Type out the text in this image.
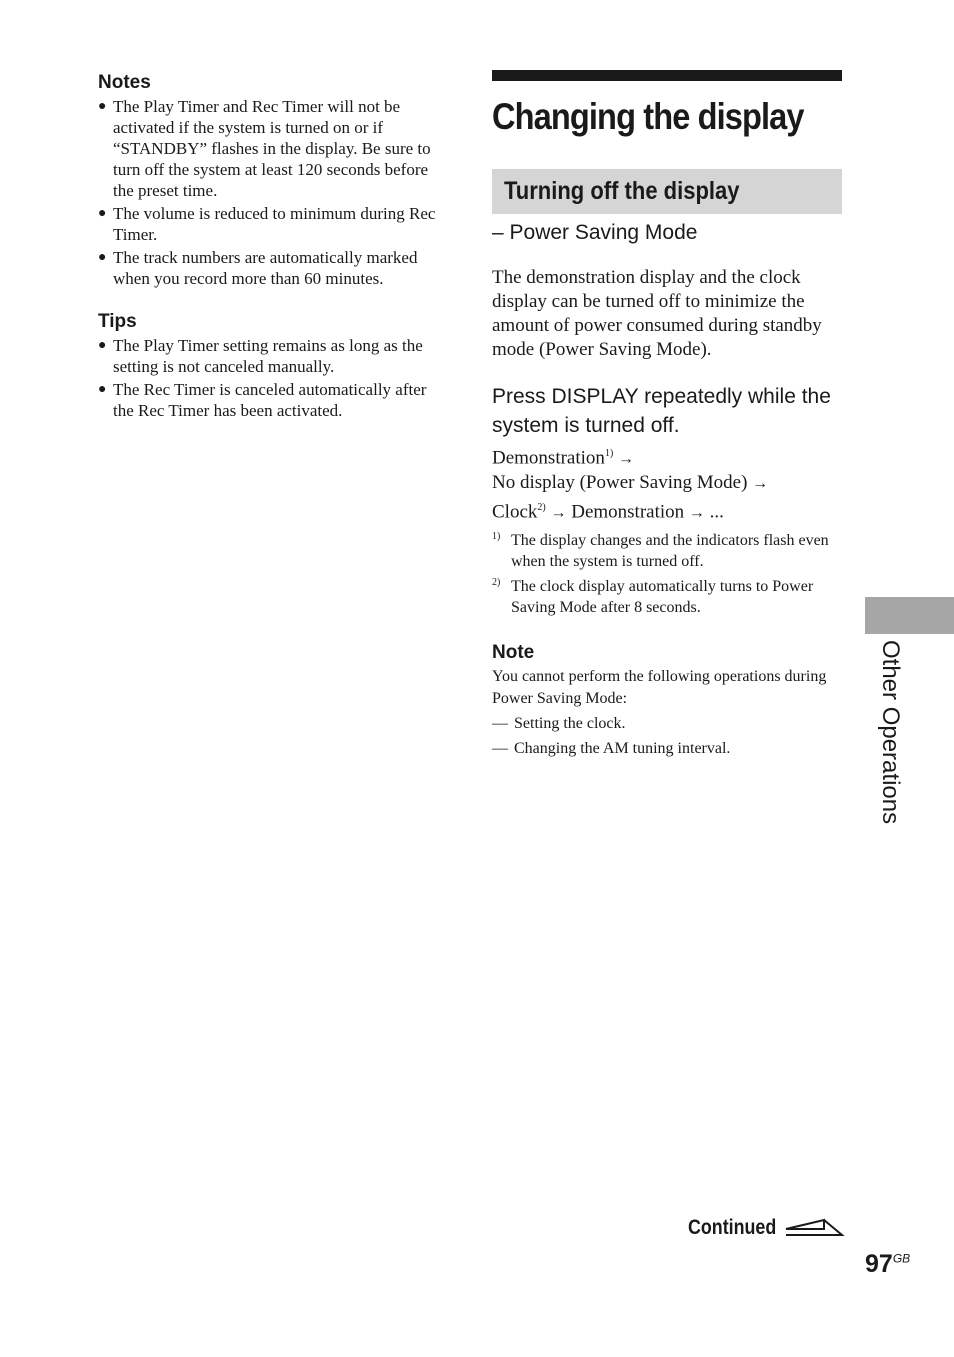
Notes
● The Play Timer and Rec Timer will not be activated if the system is turned on or if “STANDBY” flashes in the display. Be sure to turn off the system at least 120 seconds before the preset time.
● The volume is reduced to minimum during Rec Timer.
● The track numbers are automatically marked when you record more than 60 minutes.
Tips
● The Play Timer setting remains as long as the setting is not canceled manually.
● The Rec Timer is canceled automatically after the Rec Timer has been activated.
Changing the display
Turning off the display
– Power Saving Mode
The demonstration display and the clock display can be turned off to minimize the amount of power consumed during standby mode (Power Saving Mode).
Press DISPLAY repeatedly while the system is turned off.
Demonstration$^{1)}$ →
No display (Power Saving Mode) →
Clock$^{2)}$ → Demonstration → ...
1) The display changes and the indicators flash even when the system is turned off.
2) The clock display automatically turns to Power Saving Mode after 8 seconds.
Note
You cannot perform the following operations during Power Saving Mode:
— Setting the clock.
— Changing the AM tuning interval.	Other Operations
Continued
$97^{GB}$
